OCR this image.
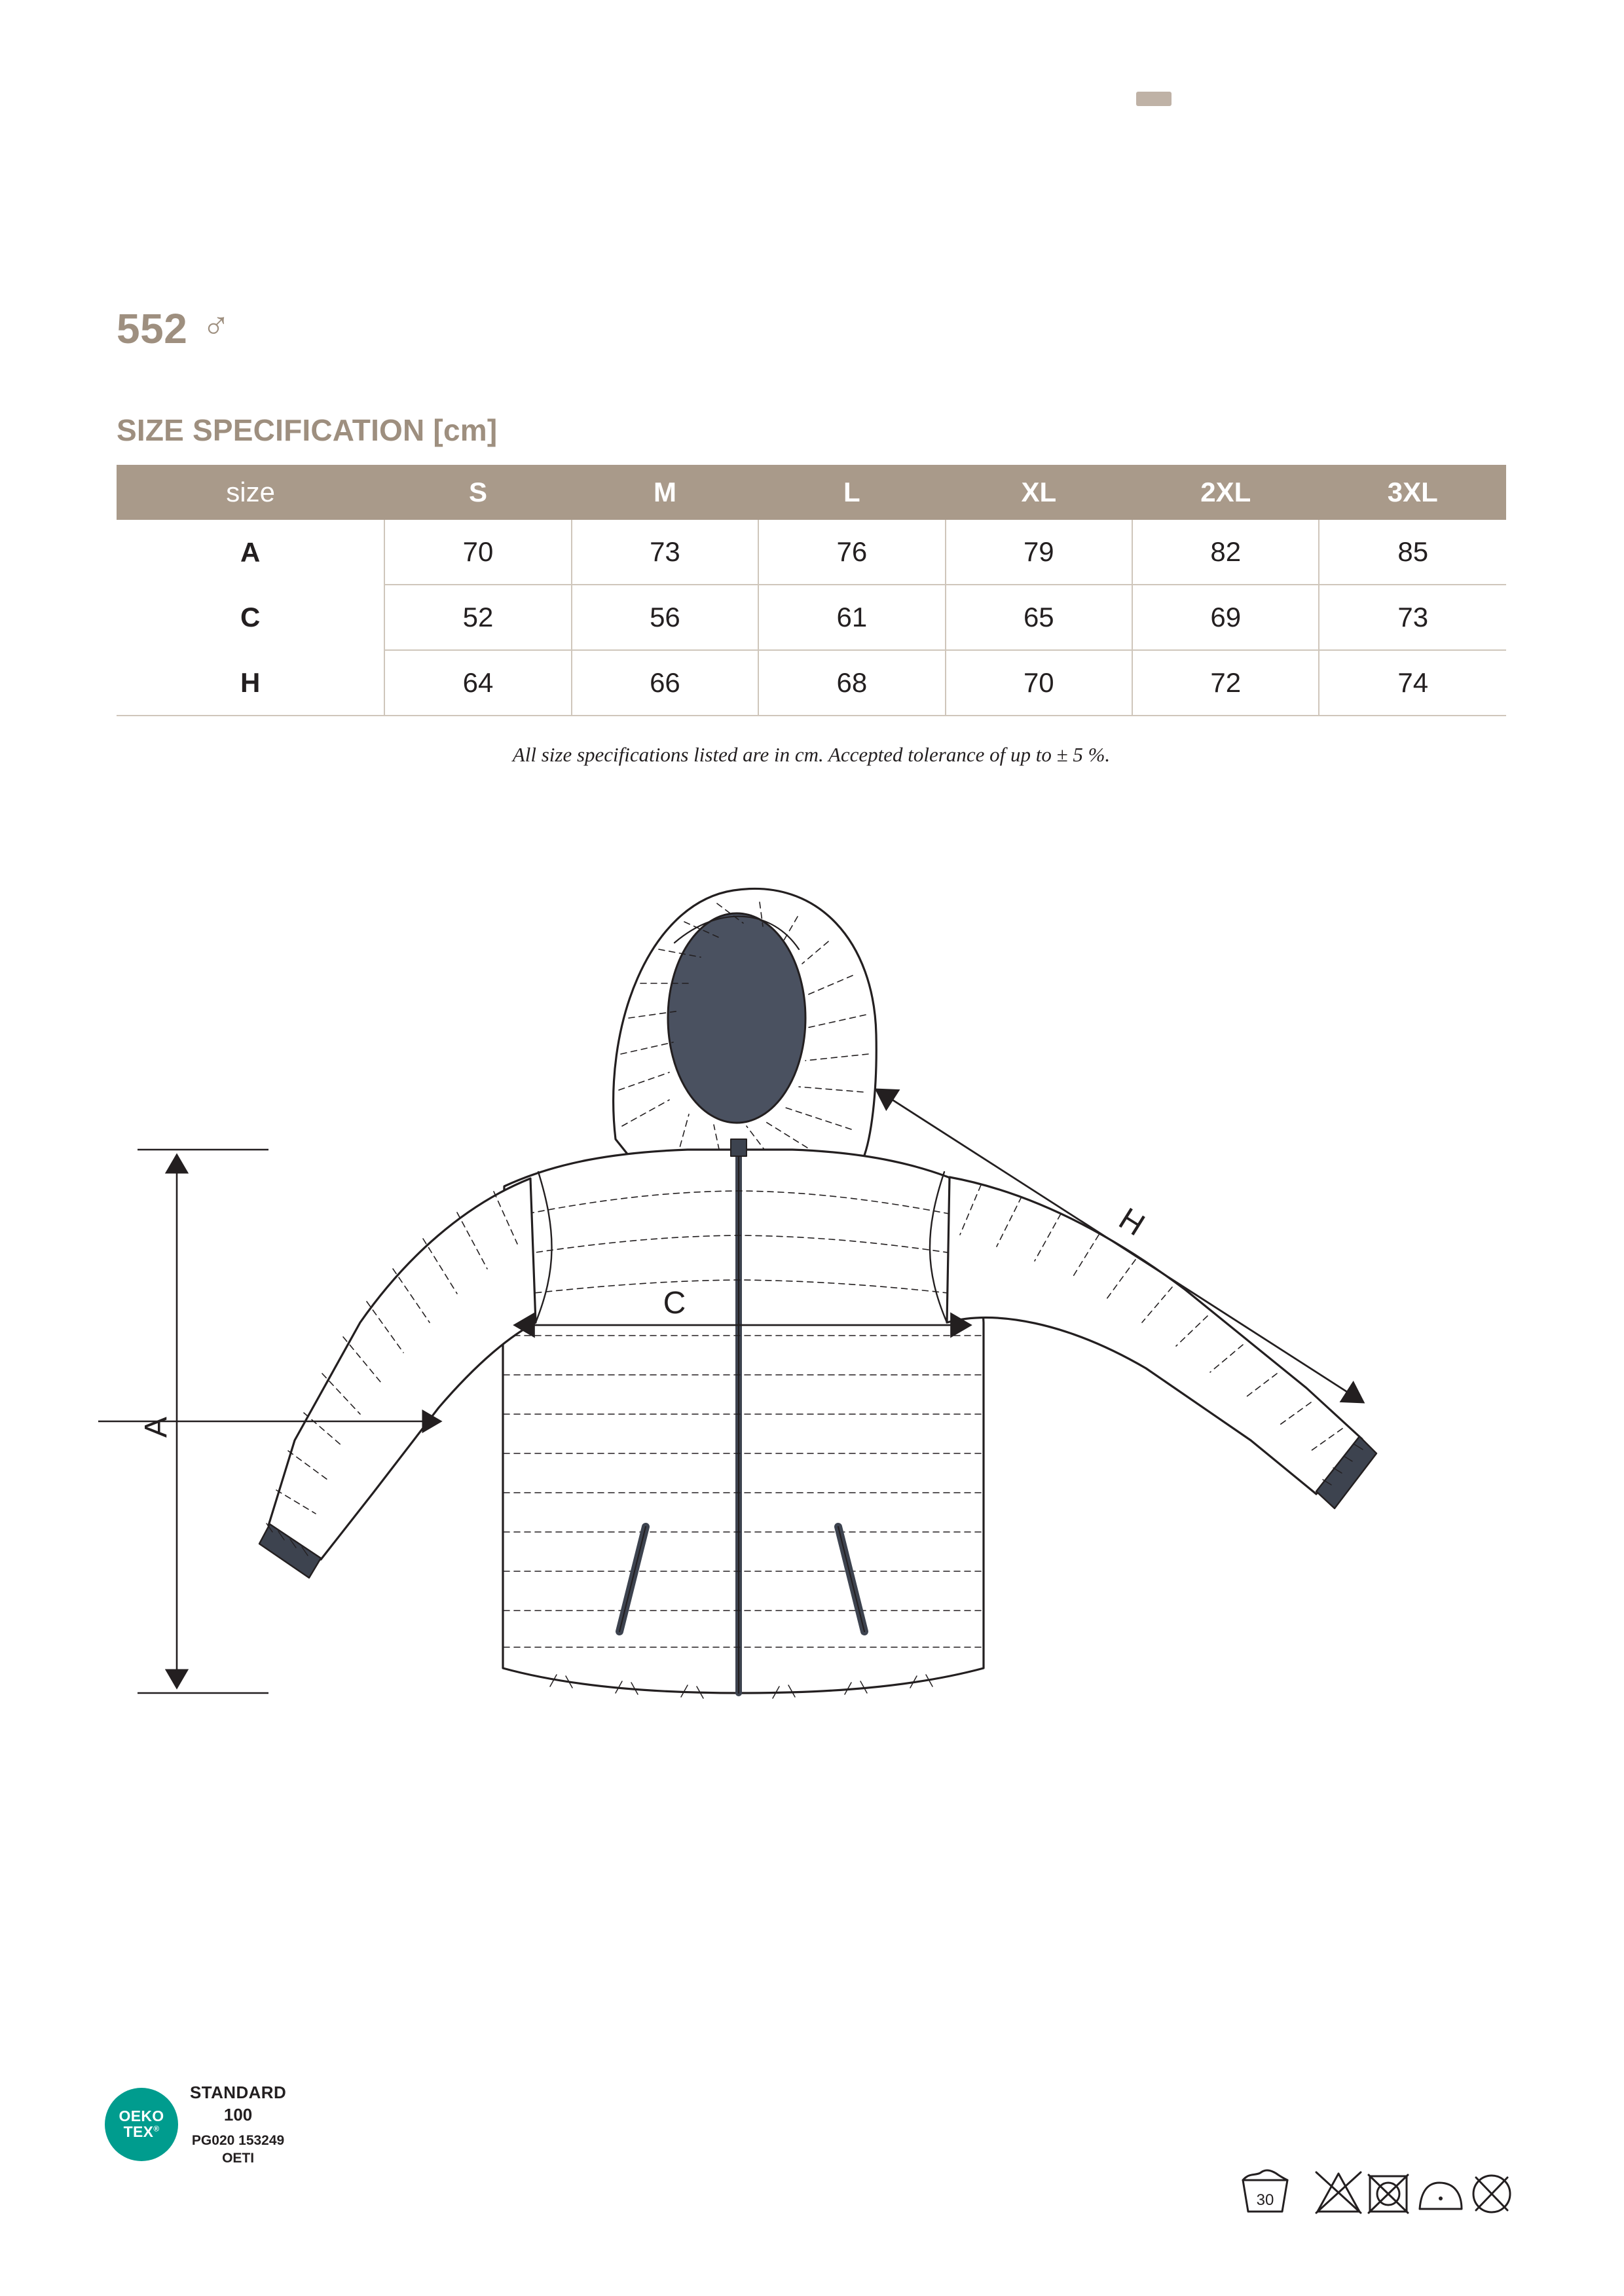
552 ♂
SIZE SPECIFICATION [cm]
size	S	M	L	XL	2XL	3XL
A	70	73	76	79	82	85
C	52	56	61	65	69	73
H	64	66	68	70	72	74
All size specifications listed are in cm. Accepted tolerance of up to ± 5 %.
A
C
H
OEKO
TEX®
STANDARD
100
PG020 153249
OETI
30
